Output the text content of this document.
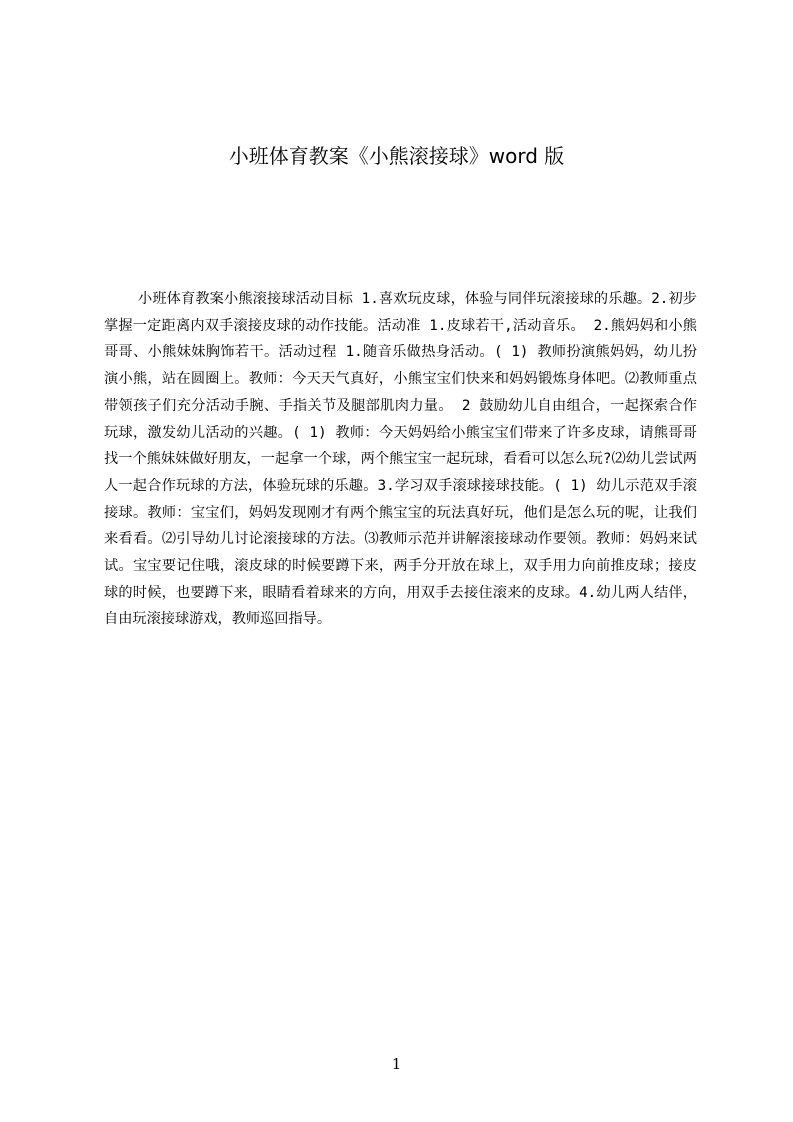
小班体育教案《小熊滚接球》word 版
小班体育教案小熊滚接球活动目标 1.喜欢玩皮球，体验与同伴玩滚接球的乐趣。2.初步掌握一定距离内双手滚接皮球的动作技能。活动准 1.皮球若干,活动音乐。 2.熊妈妈和小熊哥哥、小熊妹妹胸饰若干。活动过程 1.随音乐做热身活动。( 1) 教师扮演熊妈妈，幼儿扮演小熊，站在圆圈上。教师：今天天气真好，小熊宝宝们快来和妈妈锻炼身体吧。⑵教师重点带领孩子们充分活动手腕、手指关节及腿部肌肉力量。 2 鼓励幼儿自由组合，一起探索合作玩球，激发幼儿活动的兴趣。( 1) 教师：今天妈妈给小熊宝宝们带来了许多皮球，请熊哥哥找一个熊妹妹做好朋友，一起拿一个球，两个熊宝宝一起玩球，看看可以怎么玩?⑵幼儿尝试两人一起合作玩球的方法，体验玩球的乐趣。3.学习双手滚球接球技能。( 1) 幼儿示范双手滚接球。教师：宝宝们，妈妈发现刚才有两个熊宝宝的玩法真好玩，他们是怎么玩的呢，让我们来看看。⑵引导幼儿讨论滚接球的方法。⑶教师示范并讲解滚接球动作要领。教师：妈妈来试试。宝宝要记住哦，滚皮球的时候要蹲下来，两手分开放在球上，双手用力向前推皮球；接皮球的时候，也要蹲下来，眼睛看着球来的方向，用双手去接住滚来的皮球。4.幼儿两人结伴，自由玩滚接球游戏，教师巡回指导。
1
